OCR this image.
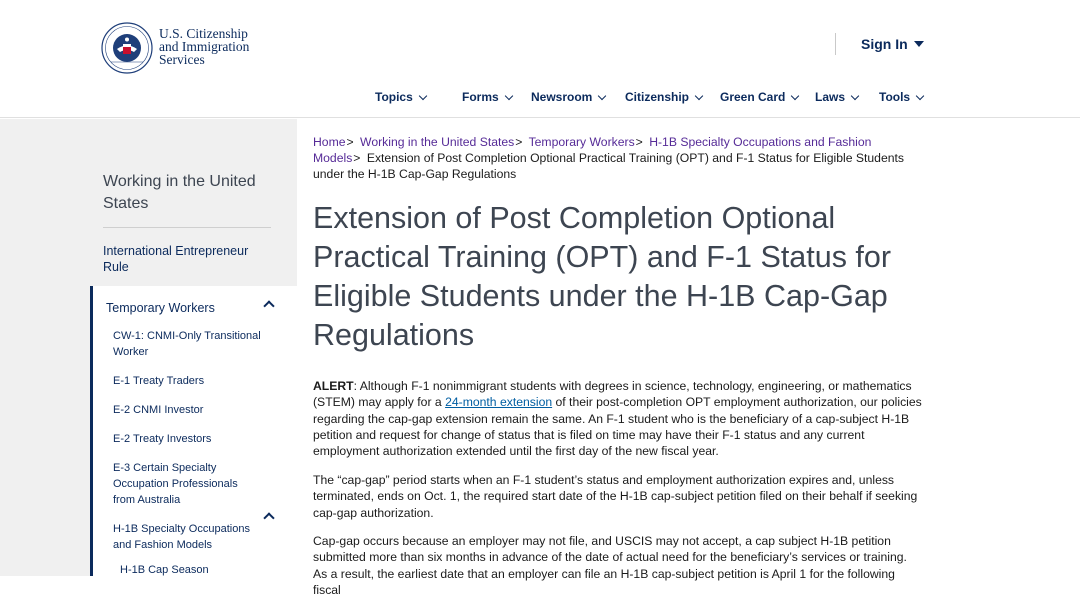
U.S. Citizenship
and Immigration
Services
Sign In
Topics	Forms	Newsroom	Citizenship	Green Card Laws	Tools
Working in the United States
International Entrepreneur Rule
Temporary Workers
CW-1: CNMI-Only Transitional Worker
E-1 Treaty Traders
E-2 CNMI Investor
E-2 Treaty Investors
E-3 Certain Specialty Occupation Professionals from Australia
H-1B Specialty Occupations and Fashion Models
H-1B Cap Season
Home> Working in the United States> Temporary Workers> H-1B Specialty Occupations and Fashion Models> Extension of Post Completion Optional Practical Training (OPT) and F-1 Status for Eligible Students under the H-1B Cap-Gap Regulations
Extension of Post Completion Optional Practical Training (OPT) and F-1 Status for Eligible Students under the H-1B Cap-Gap Regulations

ALERT: Although F-1 nonimmigrant students with degrees in science, technology, engineering, or mathematics (STEM) may apply for a 24-month extension of their post-completion OPT employment authorization, our policies regarding the cap-gap extension remain the same. An F-1 student who is the beneficiary of a cap-subject H-1B petition and request for change of status that is filed on time may have their F-1 status and any current employment authorization extended until the first day of the new fiscal year.

The “cap-gap” period starts when an F-1 student’s status and employment authorization expires and, unless terminated, ends on Oct. 1, the required start date of the H-1B cap-subject petition filed on their behalf if seeking cap-gap authorization.

Cap-gap occurs because an employer may not file, and USCIS may not accept, a cap subject H-1B petition submitted more than six months in advance of the date of actual need for the beneficiary’s services or training. As a result, the earliest date that an employer can file an H-1B cap-subject petition is April 1 for the following fiscal
